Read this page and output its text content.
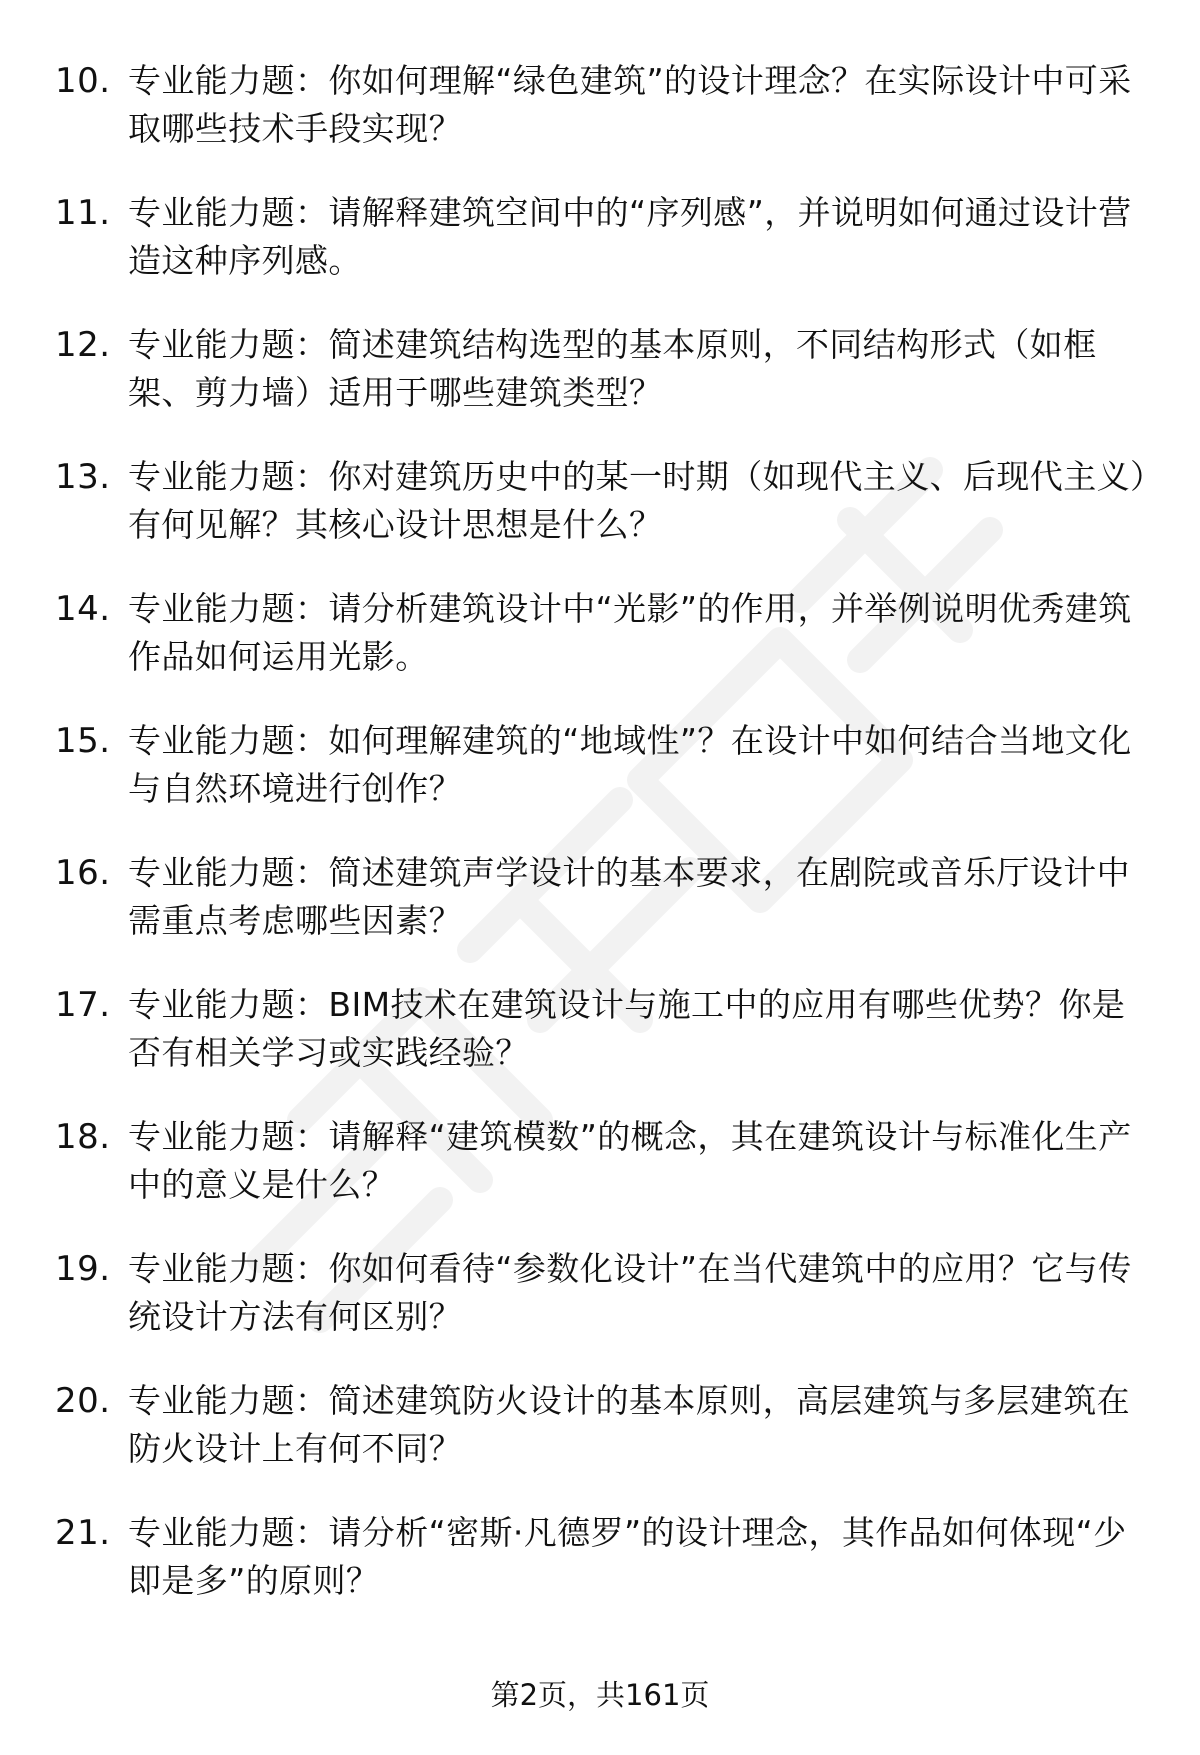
10. 专业能力题：你如何理解“绿色建筑”的设计理念？在实际设计中可采取哪些技术手段实现？
11. 专业能力题：请解释建筑空间中的“序列感”，并说明如何通过设计营造这种序列感。
12. 专业能力题：简述建筑结构选型的基本原则，不同结构形式（如框架、剪力墙）适用于哪些建筑类型？
13. 专业能力题：你对建筑历史中的某一时期（如现代主义、后现代主义）有何见解？其核心设计思想是什么？
14. 专业能力题：请分析建筑设计中“光影”的作用，并举例说明优秀建筑作品如何运用光影。
15. 专业能力题：如何理解建筑的“地域性”？在设计中如何结合当地文化与自然环境进行创作？
16. 专业能力题：简述建筑声学设计的基本要求，在剧院或音乐厅设计中需重点考虑哪些因素？
17. 专业能力题：BIM技术在建筑设计与施工中的应用有哪些优势？你是否有相关学习或实践经验？
18. 专业能力题：请解释“建筑模数”的概念，其在建筑设计与标准化生产中的意义是什么？
19. 专业能力题：你如何看待“参数化设计”在当代建筑中的应用？它与传统设计方法有何区别？
20. 专业能力题：简述建筑防火设计的基本原则，高层建筑与多层建筑在防火设计上有何不同？
21. 专业能力题：请分析“密斯·凡德罗”的设计理念，其作品如何体现“少即是多”的原则？
第2页，共161页
